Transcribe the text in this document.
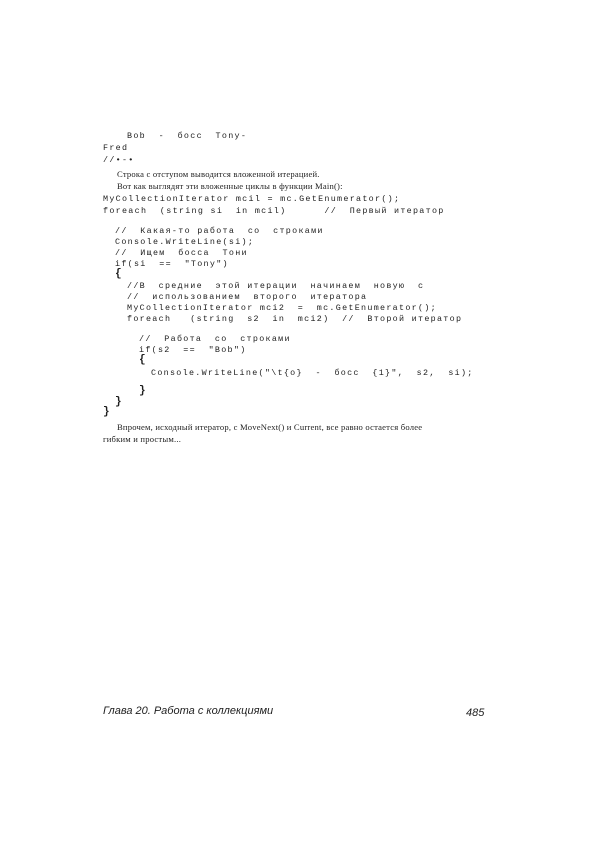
Bob  -  босс  Tony-
Fred
//•-•
Строка с отступом выводится вложенной итерацией.
Вот как выглядят эти вложенные циклы в функции Main():
MyCollectionIterator mcil = mc.GetEnumerator();
foreach  (string si  in mcil)      //  Первый итератор
//  Какая-то работа  со  строками
Console.WriteLine(si);
//  Ищем  босса  Тони
if(si  ==  "Tony")
{
//В  средние  этой итерации  начинаем  новую  с
//  использованием  второго  итератора
MyCollectionIterator mci2  =  mc.GetEnumerator();
foreach   (string  s2  in  mci2)  //  Второй итератор
//  Работа  со  строками
if(s2  ==  "Bob")
{
Console.WriteLine("\t{o}  -  босс  {1}",  s2,  si);
}
}
}
Впрочем, исходный итератор, с MoveNext() и Current, все равно остается более
гибким и простым...
Глава 20. Работа с коллекциями	485
